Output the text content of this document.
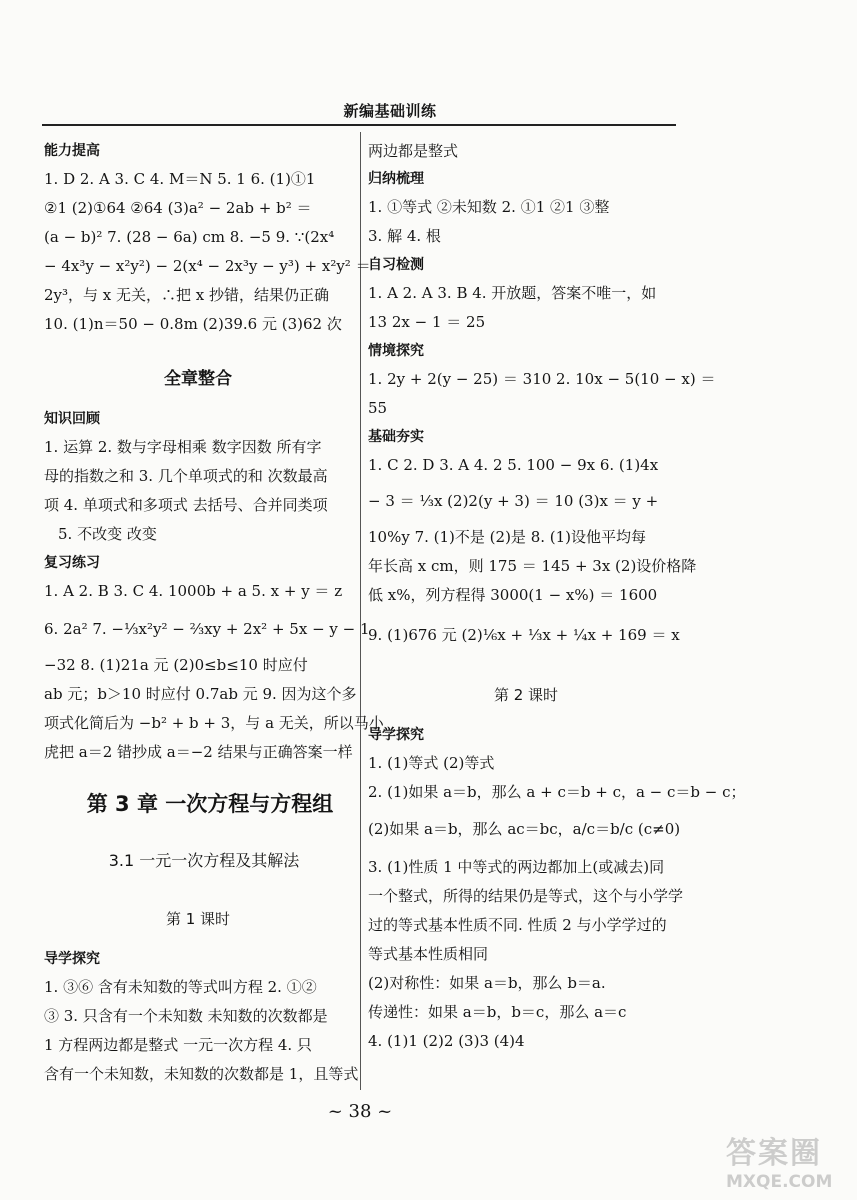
新编基础训练
能力提高
1. D 2. A 3. C 4. M＝N 5. 1 6. (1)①1
②1 (2)①64 ②64 (3)a² − 2ab + b² ＝
(a − b)² 7. (28 − 6a) cm 8. −5 9. ∵(2x⁴
− 4x³y − x²y²) − 2(x⁴ − 2x³y − y³) + x²y² ＝
2y³，与 x 无关，∴把 x 抄错，结果仍正确
10. (1)n＝50 − 0.8m (2)39.6 元 (3)62 次
全章整合
知识回顾
1. 运算 2. 数与字母相乘 数字因数 所有字
母的指数之和 3. 几个单项式的和 次数最高
项 4. 单项式和多项式 去括号、合并同类项
5. 不改变 改变
复习练习
1. A 2. B 3. C 4. 1000b + a 5. x + y ＝ z
6. 2a² 7. −⅓x²y² − ⅔xy + 2x² + 5x − y − 1
−32 8. (1)21a 元 (2)0≤b≤10 时应付
ab 元；b＞10 时应付 0.7ab 元 9. 因为这个多
项式化简后为 −b² + b + 3，与 a 无关，所以马小
虎把 a＝2 错抄成 a＝−2 结果与正确答案一样
第 3 章 一次方程与方程组
3.1 一元一次方程及其解法
第 1 课时
导学探究
1. ③⑥ 含有未知数的等式叫方程 2. ①②
③ 3. 只含有一个未知数 未知数的次数都是
1 方程两边都是整式 一元一次方程 4. 只
含有一个未知数，未知数的次数都是 1，且等式
两边都是整式
归纳梳理
1. ①等式 ②未知数 2. ①1 ②1 ③整
3. 解 4. 根
自习检测
1. A 2. A 3. B 4. 开放题，答案不唯一，如
13 2x − 1 ＝ 25
情境探究
1. 2y + 2(y − 25) ＝ 310 2. 10x − 5(10 − x) ＝
55
基础夯实
1. C 2. D 3. A 4. 2 5. 100 − 9x 6. (1)4x
− 3 ＝ ⅓x (2)2(y + 3) ＝ 10 (3)x ＝ y +
10%y 7. (1)不是 (2)是 8. (1)设他平均每
年长高 x cm，则 175 ＝ 145 + 3x (2)设价格降
低 x%，列方程得 3000(1 − x%) ＝ 1600
9. (1)676 元 (2)⅙x + ⅓x + ¼x + 169 ＝ x
第 2 课时
导学探究
1. (1)等式 (2)等式
2. (1)如果 a＝b，那么 a + c＝b + c，a − c＝b − c；
(2)如果 a＝b，那么 ac＝bc，a/c＝b/c (c≠0)
3. (1)性质 1 中等式的两边都加上(或减去)同
一个整式，所得的结果仍是等式，这个与小学学
过的等式基本性质不同. 性质 2 与小学学过的
等式基本性质相同
(2)对称性：如果 a＝b，那么 b＝a.
传递性：如果 a＝b，b＝c，那么 a＝c
4. (1)1 (2)2 (3)3 (4)4
~ 38 ~
答案圈
MXQE.COM
